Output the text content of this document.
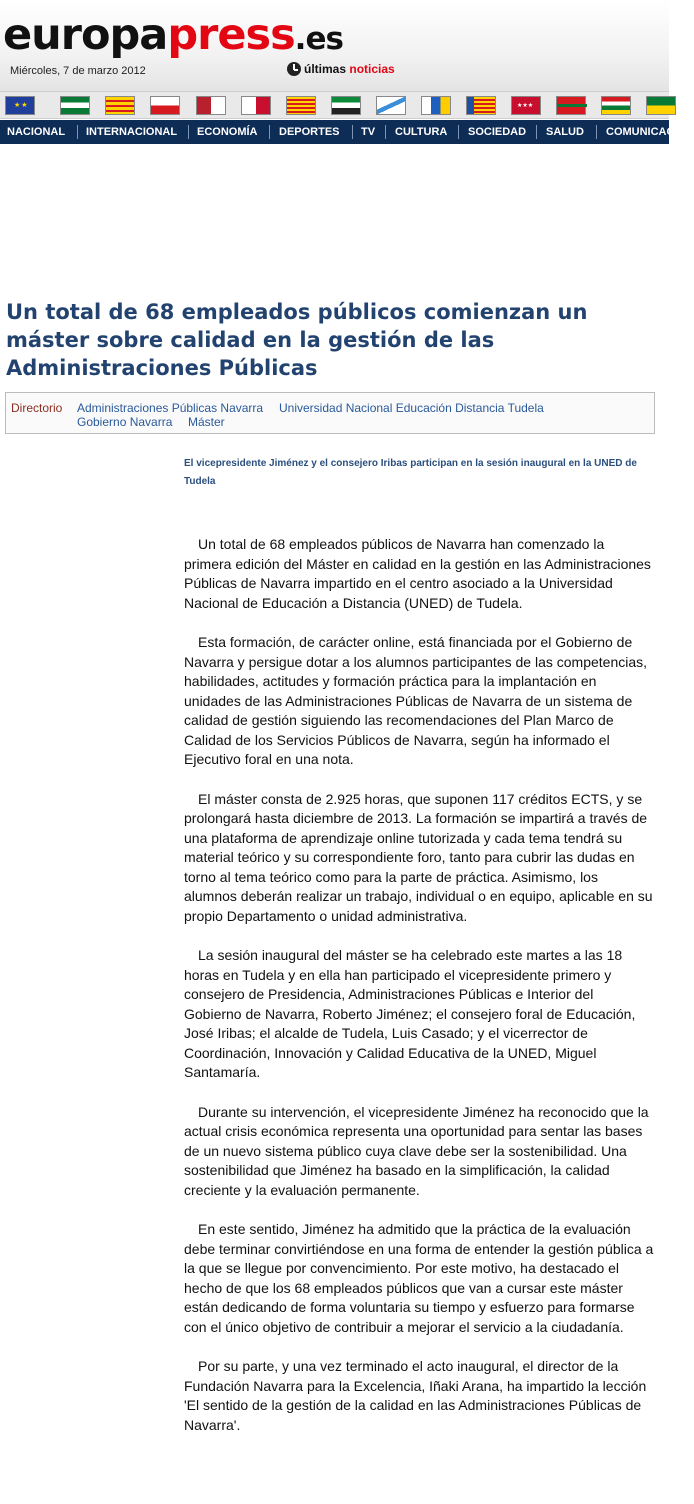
europapress.es
Miércoles, 7 de marzo 2012	últimas noticias
★★
★★★
NACIONAL INTERNACIONAL ECONOMÍA DEPORTES TV CULTURA SOCIEDAD SALUD COMUNICACIÓN
Un total de 68 empleados públicos comienzan un máster sobre calidad en la gestión de las Administraciones Públicas
Directorio Administraciones Públicas Navarra Universidad Nacional Educación Distancia Tudela
Gobierno Navarra Máster
El vicepresidente Jiménez y el consejero Iribas participan en la sesión inaugural en la UNED de Tudela

Un total de 68 empleados públicos de Navarra han comenzado la primera edición del Máster en calidad en la gestión en las Administraciones Públicas de Navarra impartido en el centro asociado a la Universidad Nacional de Educación a Distancia (UNED) de Tudela.

Esta formación, de carácter online, está financiada por el Gobierno de Navarra y persigue dotar a los alumnos participantes de las competencias, habilidades, actitudes y formación práctica para la implantación en unidades de las Administraciones Públicas de Navarra de un sistema de calidad de gestión siguiendo las recomendaciones del Plan Marco de Calidad de los Servicios Públicos de Navarra, según ha informado el Ejecutivo foral en una nota.

El máster consta de 2.925 horas, que suponen 117 créditos ECTS, y se prolongará hasta diciembre de 2013. La formación se impartirá a través de una plataforma de aprendizaje online tutorizada y cada tema tendrá su material teórico y su correspondiente foro, tanto para cubrir las dudas en torno al tema teórico como para la parte de práctica. Asimismo, los alumnos deberán realizar un trabajo, individual o en equipo, aplicable en su propio Departamento o unidad administrativa.

La sesión inaugural del máster se ha celebrado este martes a las 18 horas en Tudela y en ella han participado el vicepresidente primero y consejero de Presidencia, Administraciones Públicas e Interior del Gobierno de Navarra, Roberto Jiménez; el consejero foral de Educación, José Iribas; el alcalde de Tudela, Luis Casado; y el vicerrector de Coordinación, Innovación y Calidad Educativa de la UNED, Miguel Santamaría.

Durante su intervención, el vicepresidente Jiménez ha reconocido que la actual crisis económica representa una oportunidad para sentar las bases de un nuevo sistema público cuya clave debe ser la sostenibilidad. Una sostenibilidad que Jiménez ha basado en la simplificación, la calidad creciente y la evaluación permanente.

En este sentido, Jiménez ha admitido que la práctica de la evaluación debe terminar convirtiéndose en una forma de entender la gestión pública a la que se llegue por convencimiento. Por este motivo, ha destacado el hecho de que los 68 empleados públicos que van a cursar este máster están dedicando de forma voluntaria su tiempo y esfuerzo para formarse con el único objetivo de contribuir a mejorar el servicio a la ciudadanía.

Por su parte, y una vez terminado el acto inaugural, el director de la Fundación Navarra para la Excelencia, Iñaki Arana, ha impartido la lección 'El sentido de la gestión de la calidad en las Administraciones Públicas de Navarra'.
